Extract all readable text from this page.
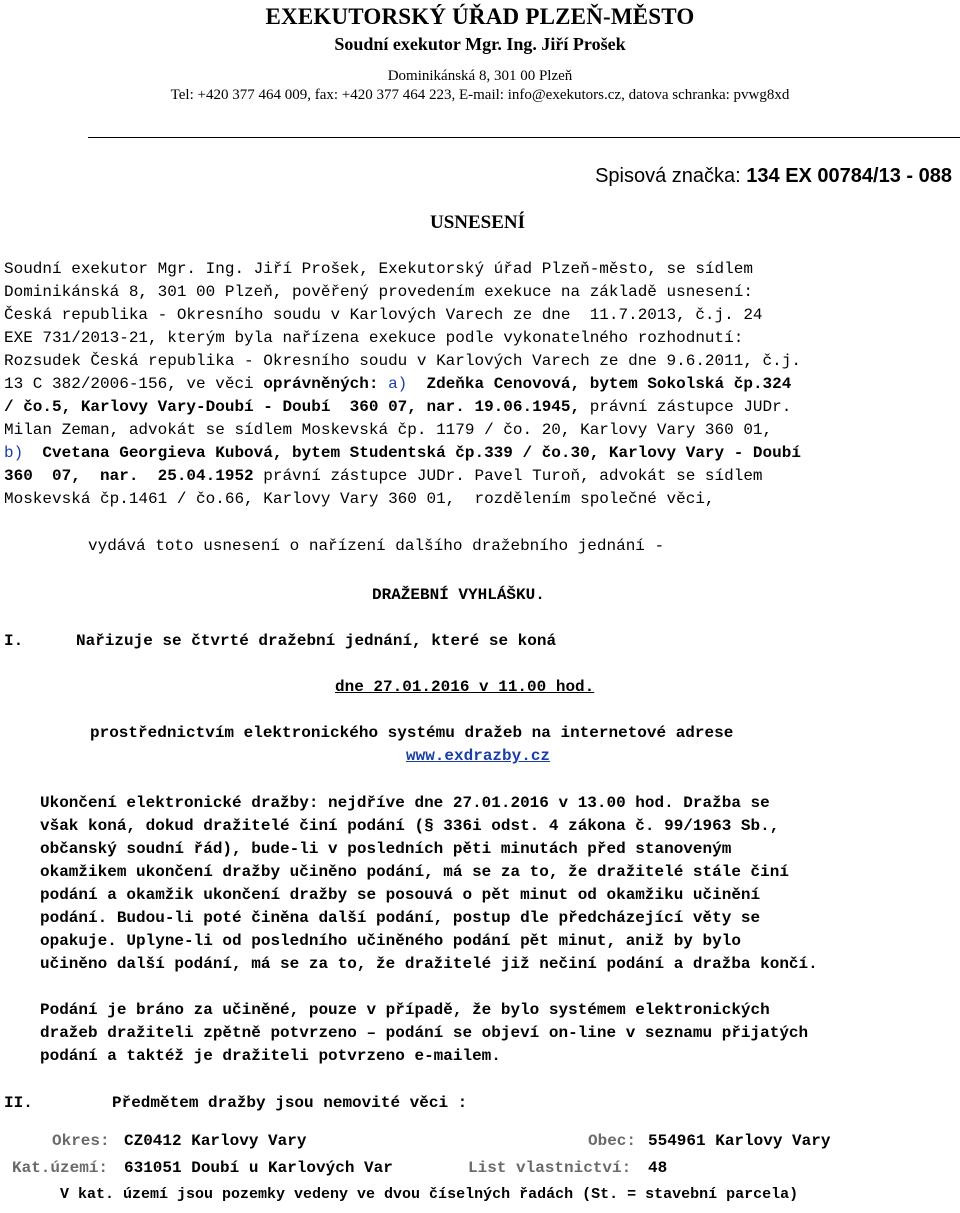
EXEKUTORSKÝ ÚŘAD PLZEŇ-MĚSTO
Soudní exekutor Mgr. Ing. Jiří Prošek
Dominikánská 8, 301 00 Plzeň
Tel: +420 377 464 009, fax: +420 377 464 223, E-mail: info@exekutors.cz, datova schranka: pvwg8xd
Spisová značka: 134 EX 00784/13 - 088
USNESENÍ
Soudní exekutor Mgr. Ing. Jiří Prošek, Exekutorský úřad Plzeň-město, se sídlem
Dominikánská 8, 301 00 Plzeň, pověřený provedením exekuce na základě usnesení:
Česká republika - Okresního soudu v Karlových Varech ze dne  11.7.2013, č.j. 24
EXE 731/2013-21, kterým byla nařízena exekuce podle vykonatelného rozhodnutí:
Rozsudek Česká republika - Okresního soudu v Karlových Varech ze dne 9.6.2011, č.j.
13 C 382/2006-156, ve věci oprávněných: a)  Zdeňka Cenovová, bytem Sokolská čp.324
/ čo.5, Karlovy Vary-Doubí - Doubí  360 07, nar. 19.06.1945, právní zástupce JUDr.
Milan Zeman, advokát se sídlem Moskevská čp. 1179 / čo. 20, Karlovy Vary 360 01,
b)  Cvetana Georgieva Kubová, bytem Studentská čp.339 / čo.30, Karlovy Vary - Doubí
360  07,  nar.  25.04.1952 právní zástupce JUDr. Pavel Turoň, advokát se sídlem
Moskevská čp.1461 / čo.66, Karlovy Vary 360 01,  rozdělením společné věci,
vydává toto usnesení o nařízení dalšího dražebního jednání -
DRAŽEBNÍ VYHLÁŠKU.
I.	Nařizuje se čtvrté dražební jednání, které se koná
dne 27.01.2016 v 11.00 hod.
prostřednictvím elektronického systému dražeb na internetové adrese
www.exdrazby.cz
Ukončení elektronické dražby: nejdříve dne 27.01.2016 v 13.00 hod. Dražba se
však koná, dokud dražitelé činí podání (§ 336i odst. 4 zákona č. 99/1963 Sb.,
občanský soudní řád), bude-li v posledních pěti minutách před stanoveným
okamžikem ukončení dražby učiněno podání, má se za to, že dražitelé stále činí
podání a okamžik ukončení dražby se posouvá o pět minut od okamžiku učinění
podání. Budou-li poté činěna další podání, postup dle předcházející věty se
opakuje. Uplyne-li od posledního učiněného podání pět minut, aniž by bylo
učiněno další podání, má se za to, že dražitelé již nečiní podání a dražba končí.
Podání je bráno za učiněné, pouze v případě, že bylo systémem elektronických
dražeb dražiteli zpětně potvrzeno – podání se objeví on-line v seznamu přijatých
podání a taktéž je dražiteli potvrzeno e-mailem.
II.	Předmětem dražby jsou nemovité věci :
Okres: CZ0412 Karlovy Vary	Obec: 554961 Karlovy Vary
Kat.území: 631051 Doubí u Karlových Var	List vlastnictví: 48
V kat. území jsou pozemky vedeny ve dvou číselných řadách (St. = stavební parcela)
